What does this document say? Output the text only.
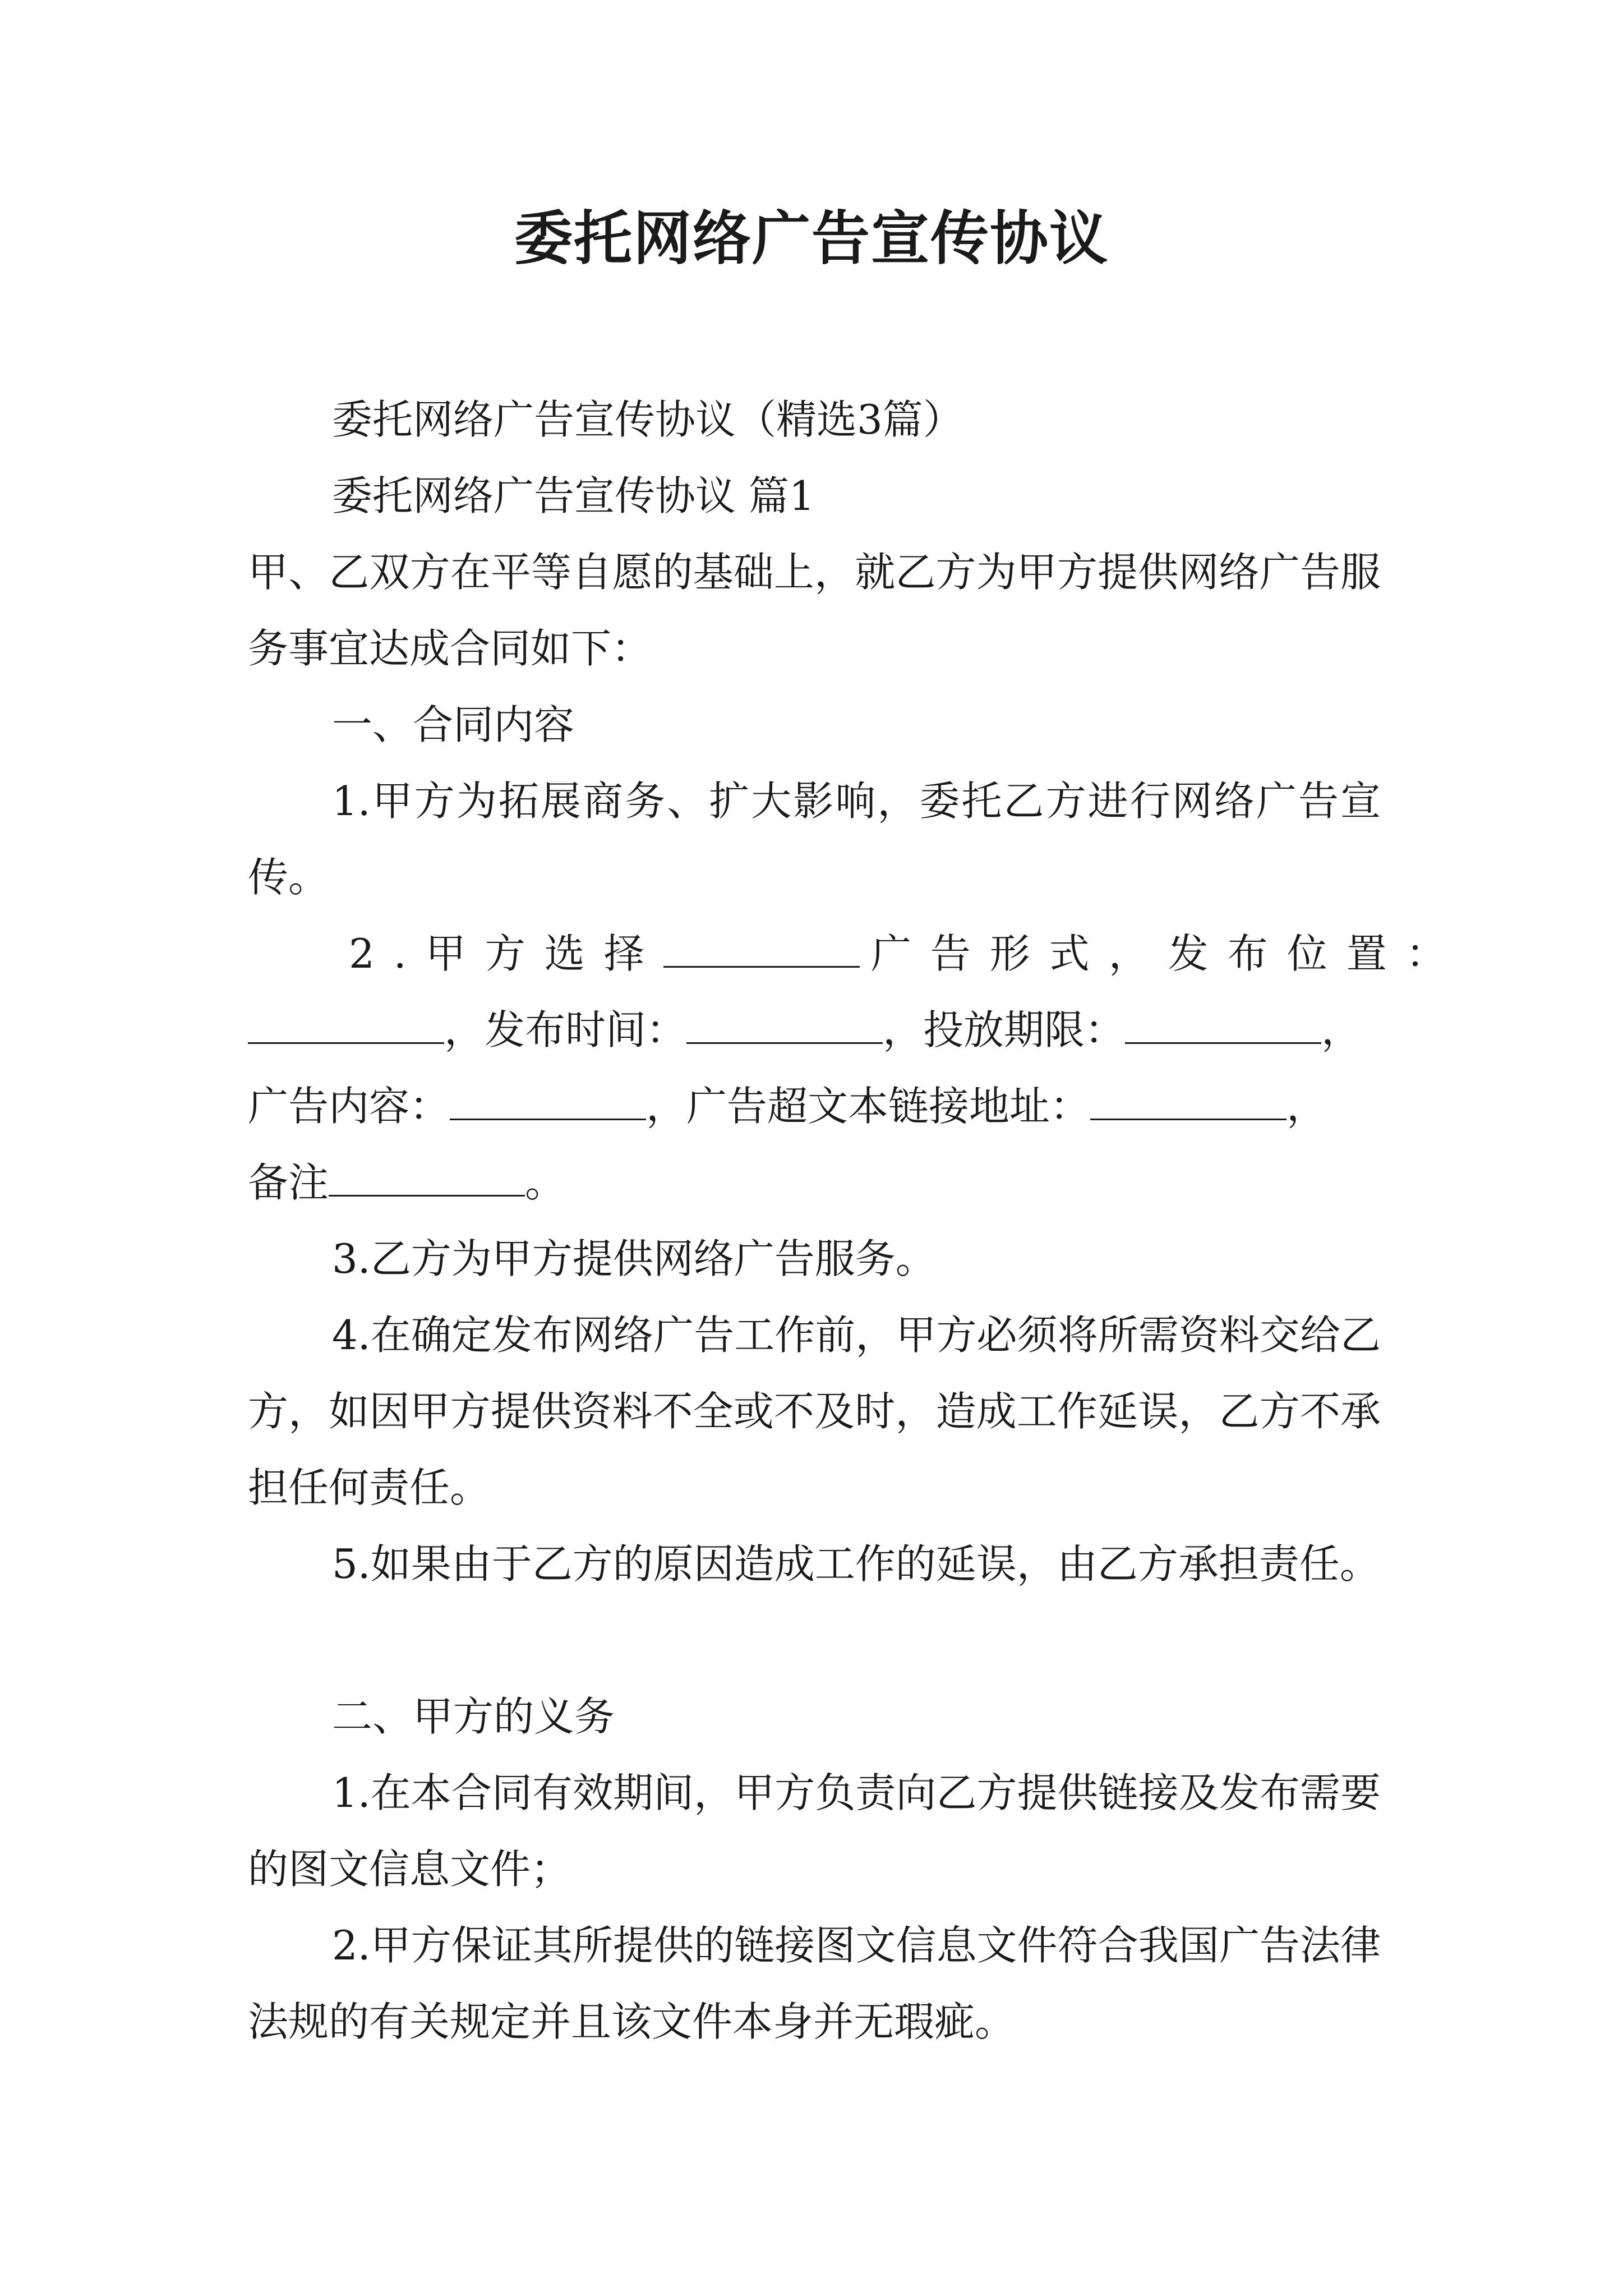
委托网络广告宣传协议

委托网络广告宣传协议（精选3篇）

委托网络广告宣传协议 篇1

甲、乙双方在平等自愿的基础上，就乙方为甲方提供网络广告服务事宜达成合同如下：

一、合同内容

1.甲方为拓展商务、扩大影响，委托乙方进行网络广告宣传。

2.甲方选择	广告形式，发布位置：
，发布时间：	，投放期限：	，
广告内容：	，广告超文本链接地址：	，
备注	。

3.乙方为甲方提供网络广告服务。

4.在确定发布网络广告工作前，甲方必须将所需资料交给乙方，如因甲方提供资料不全或不及时，造成工作延误，乙方不承担任何责任。

5.如果由于乙方的原因造成工作的延误，由乙方承担责任。

二、甲方的义务

1.在本合同有效期间，甲方负责向乙方提供链接及发布需要的图文信息文件；

2.甲方保证其所提供的链接图文信息文件符合我国广告法律法规的有关规定并且该文件本身并无瑕疵。
